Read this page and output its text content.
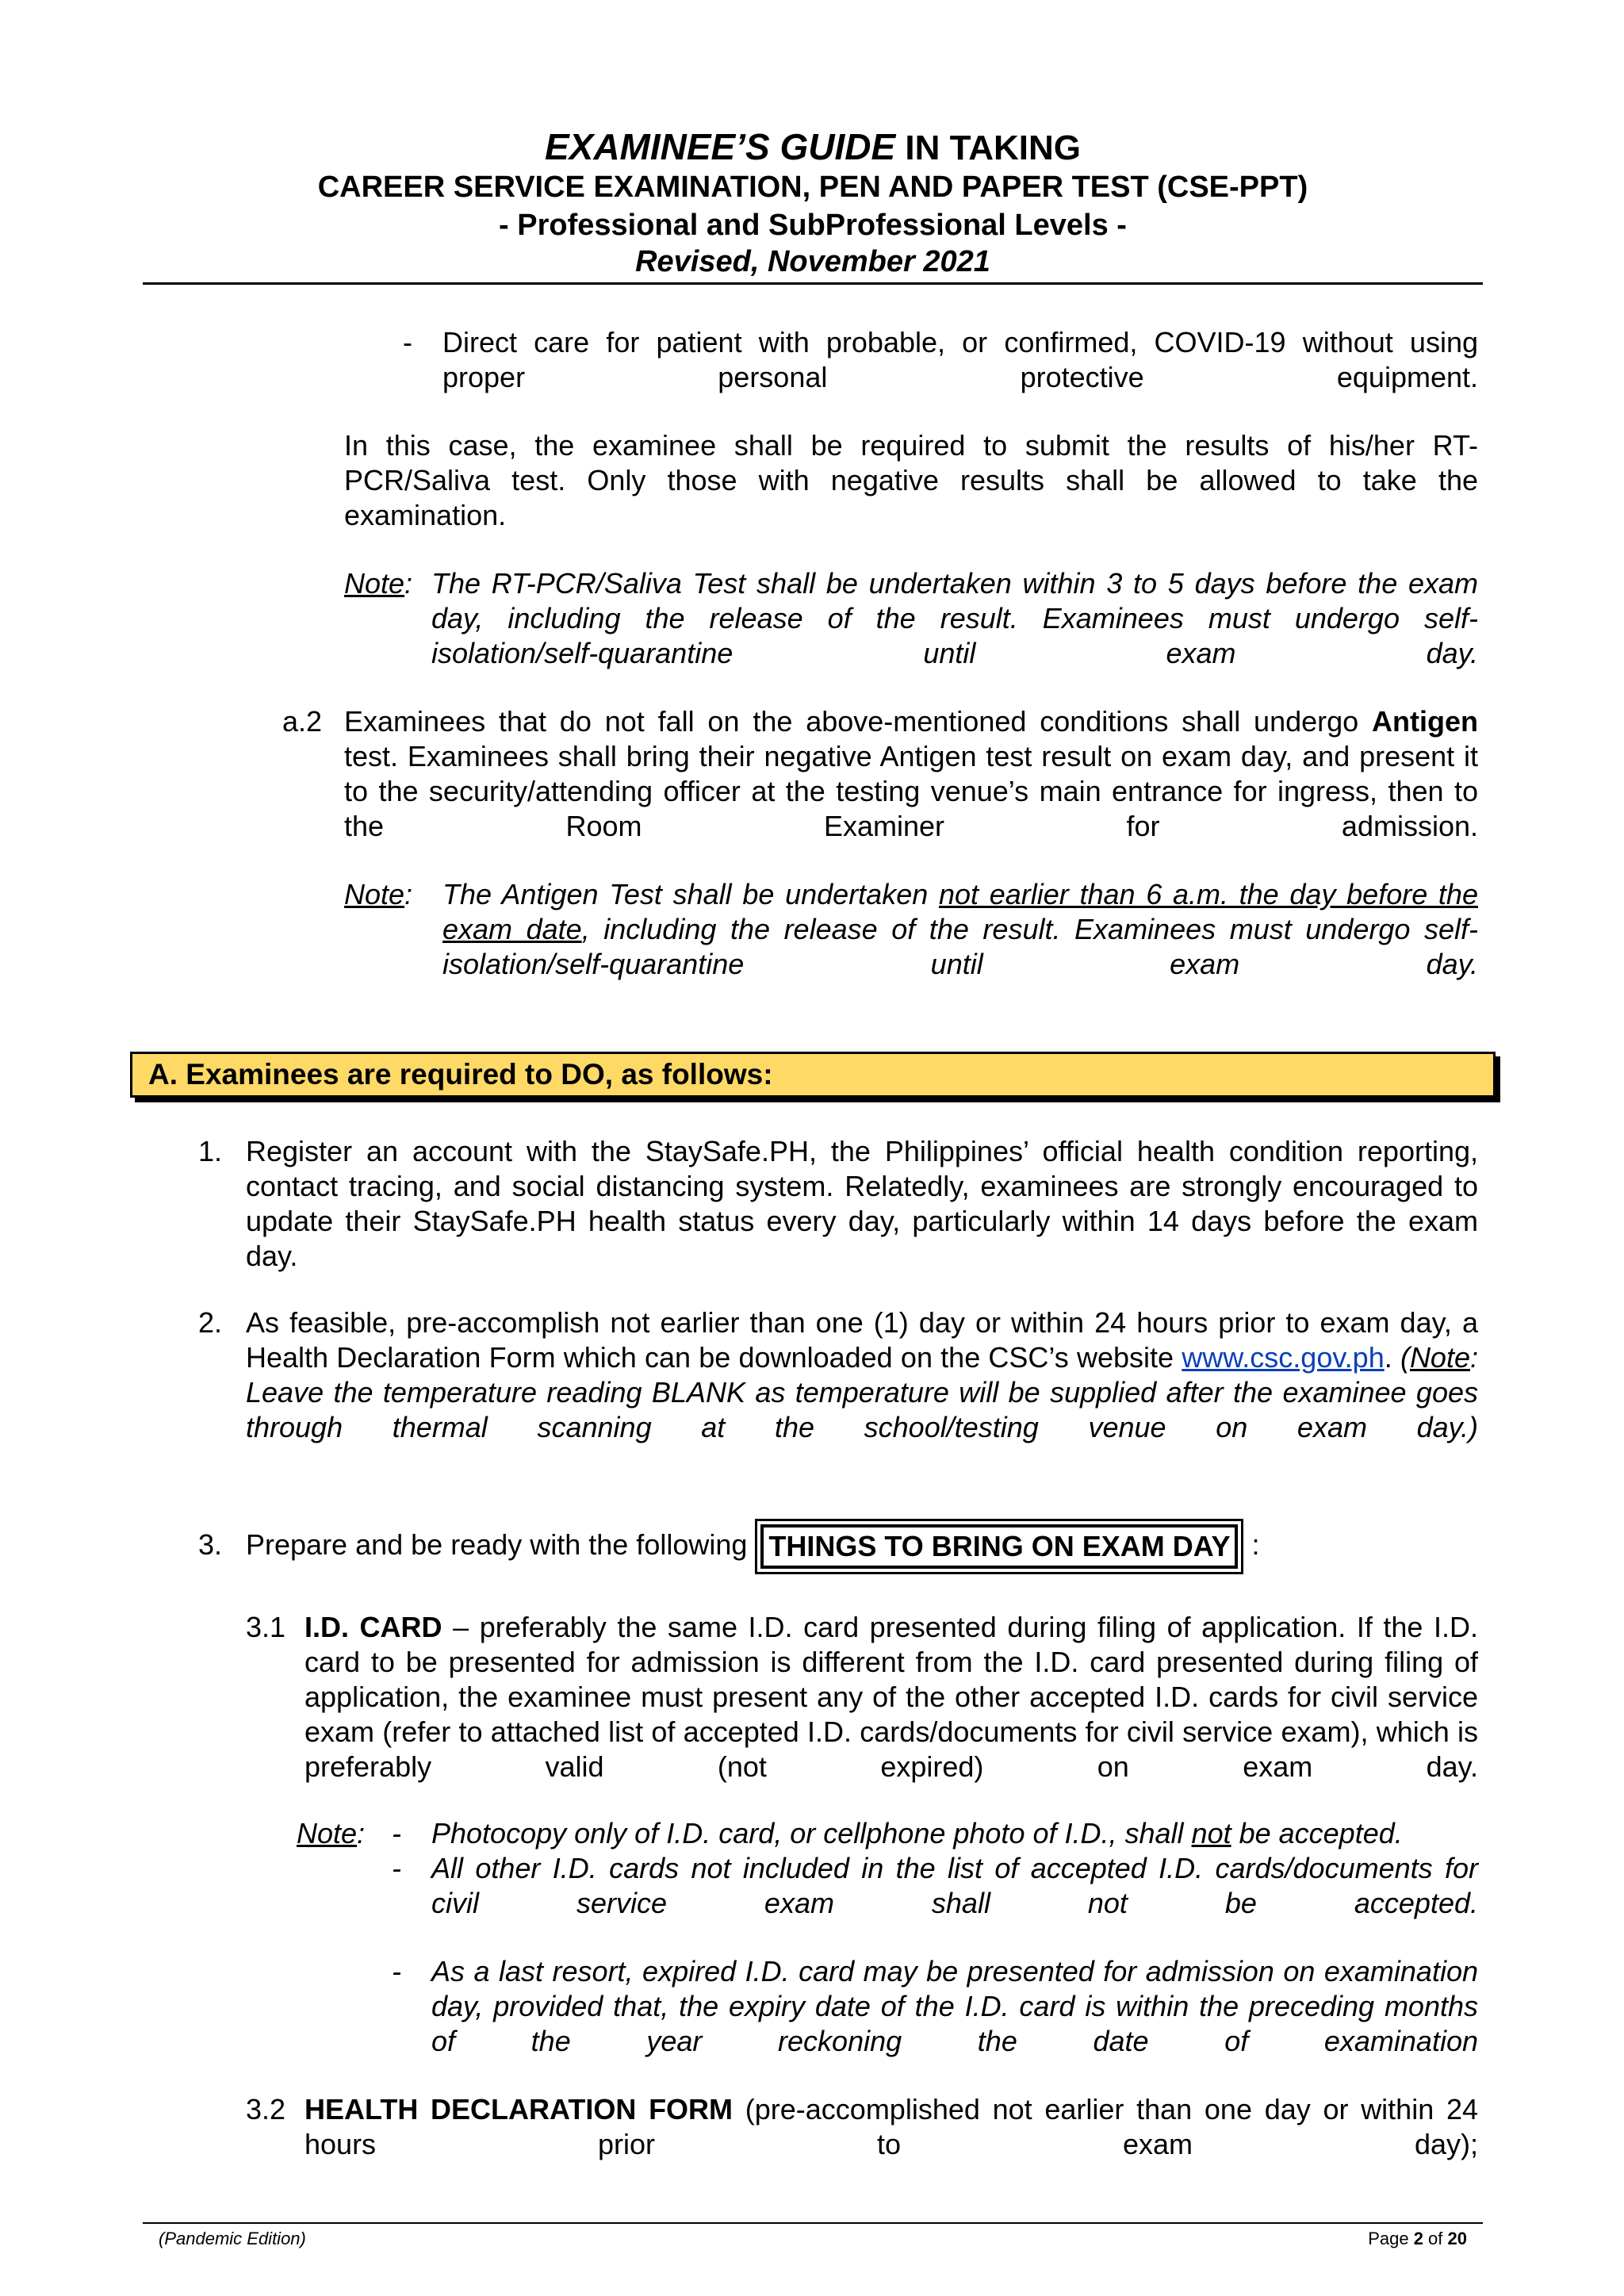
EXAMINEE’S GUIDE IN TAKING
CAREER SERVICE EXAMINATION, PEN AND PAPER TEST (CSE-PPT)
- Professional and SubProfessional Levels -
Revised, November 2021
- Direct care for patient with probable, or confirmed, COVID-19 without using proper personal protective equipment.
In this case, the examinee shall be required to submit the results of his/her RT-PCR/Saliva test. Only those with negative results shall be allowed to take the examination.
Note: The RT-PCR/Saliva Test shall be undertaken within 3 to 5 days before the exam day, including the release of the result. Examinees must undergo self-isolation/self-quarantine until exam day.
a.2 Examinees that do not fall on the above-mentioned conditions shall undergo Antigen test. Examinees shall bring their negative Antigen test result on exam day, and present it to the security/attending officer at the testing venue’s main entrance for ingress, then to the Room Examiner for admission.
Note: The Antigen Test shall be undertaken not earlier than 6 a.m. the day before the exam date, including the release of the result. Examinees must undergo self-isolation/self-quarantine until exam day.
A. Examinees are required to DO, as follows:
1. Register an account with the StaySafe.PH, the Philippines’ official health condition reporting, contact tracing, and social distancing system. Relatedly, examinees are strongly encouraged to update their StaySafe.PH health status every day, particularly within 14 days before the exam day.
2. As feasible, pre-accomplish not earlier than one (1) day or within 24 hours prior to exam day, a Health Declaration Form which can be downloaded on the CSC’s website www.csc.gov.ph. (Note: Leave the temperature reading BLANK as temperature will be supplied after the examinee goes through thermal scanning at the school/testing venue on exam day.)
3. Prepare and be ready with the following THINGS TO BRING ON EXAM DAY :
3.1 I.D. CARD – preferably the same I.D. card presented during filing of application. If the I.D. card to be presented for admission is different from the I.D. card presented during filing of application, the examinee must present any of the other accepted I.D. cards for civil service exam (refer to attached list of accepted I.D. cards/documents for civil service exam), which is preferably valid (not expired) on exam day.
Note: - Photocopy only of I.D. card, or cellphone photo of I.D., shall not be accepted.
- All other I.D. cards not included in the list of accepted I.D. cards/documents for civil service exam shall not be accepted.
- As a last resort, expired I.D. card may be presented for admission on examination day, provided that, the expiry date of the I.D. card is within the preceding months of the year reckoning the date of examination
3.2 HEALTH DECLARATION FORM (pre-accomplished not earlier than one day or within 24 hours prior to exam day);
(Pandemic Edition)	Page 2 of 20
